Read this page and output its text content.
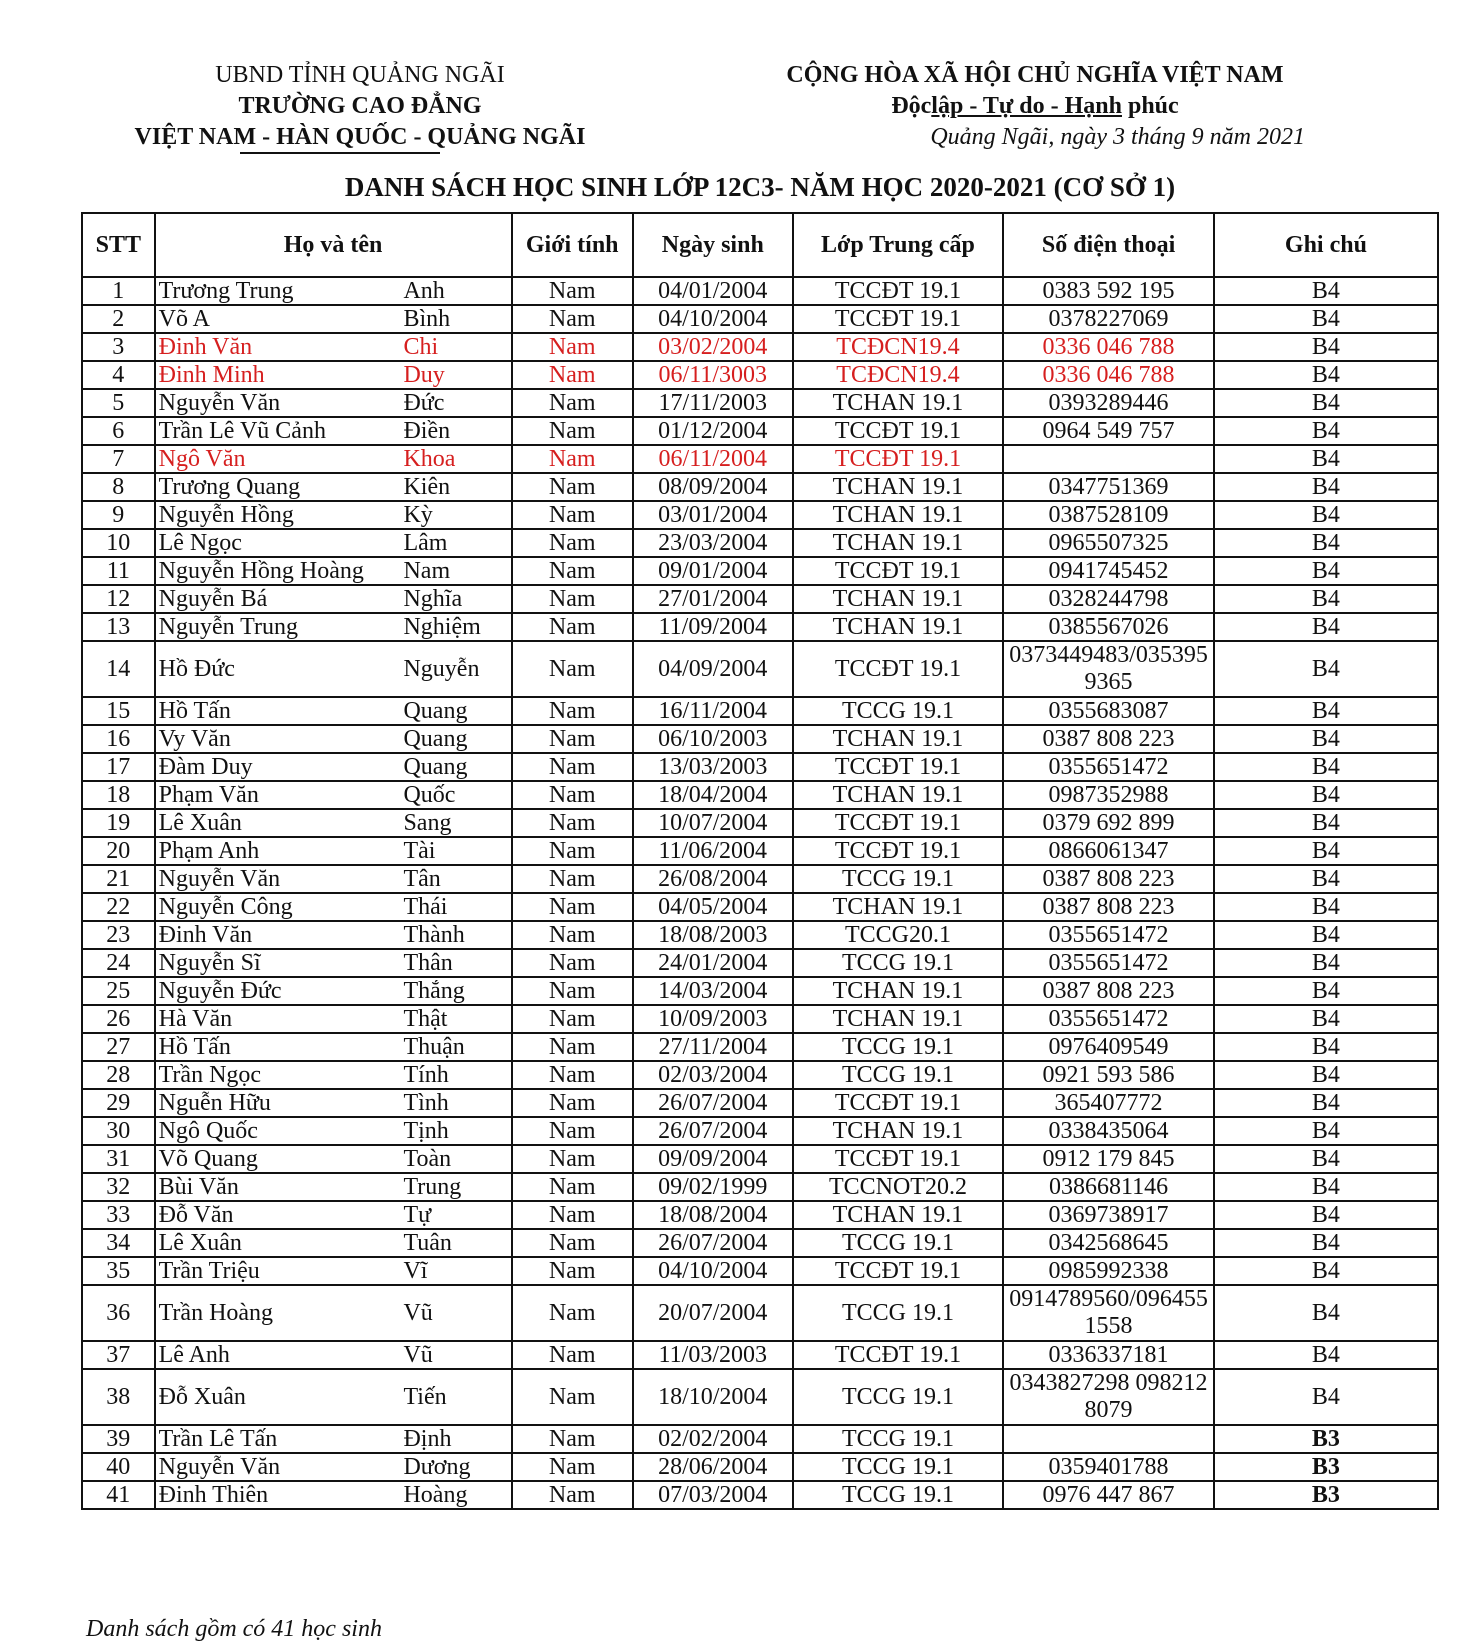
UBND TỈNH QUẢNG NGÃI
TRƯỜNG CAO ĐẲNG
VIỆT NAM - HÀN QUỐC - QUẢNG NGÃI
CỘNG HÒA XÃ HỘI CHỦ NGHĨA VIỆT NAM
Độclập - Tự do - Hạnh phúc
Quảng Ngãi, ngày 3 tháng 9 năm 2021
DANH SÁCH HỌC SINH LỚP 12C3- NĂM HỌC 2020-2021 (CƠ SỞ 1)
STT	Họ và tên		Giới tính	Ngày sinh	Lớp Trung cấp	Số điện thoại	Ghi chú
1	Trương Trung	Anh	Nam	04/01/2004	TCCĐT 19.1	0383 592 195	B4
2	Võ A	Bình	Nam	04/10/2004	TCCĐT 19.1	0378227069	B4
3	Đinh Văn	Chi	Nam	03/02/2004	TCĐCN19.4	0336 046 788	B4
4	Đinh Minh	Duy	Nam	06/11/3003	TCĐCN19.4	0336 046 788	B4
5	Nguyễn Văn	Đức	Nam	17/11/2003	TCHAN 19.1	0393289446	B4
6	Trần Lê Vũ Cảnh	Điền	Nam	01/12/2004	TCCĐT 19.1	0964 549 757	B4
7	Ngô Văn	Khoa	Nam	06/11/2004	TCCĐT 19.1		B4
8	Trương Quang	Kiên	Nam	08/09/2004	TCHAN 19.1	0347751369	B4
9	Nguyễn Hồng	Kỳ	Nam	03/01/2004	TCHAN 19.1	0387528109	B4
10	Lê Ngọc	Lâm	Nam	23/03/2004	TCHAN 19.1	0965507325	B4
11	Nguyễn Hồng Hoàng	Nam	Nam	09/01/2004	TCCĐT 19.1	0941745452	B4
12	Nguyễn Bá	Nghĩa	Nam	27/01/2004	TCHAN 19.1	0328244798	B4
13	Nguyễn Trung	Nghiệm	Nam	11/09/2004	TCHAN 19.1	0385567026	B4
14	Hồ Đức	Nguyễn	Nam	04/09/2004	TCCĐT 19.1	0373449483/0353959365	B4
15	Hồ Tấn	Quang	Nam	16/11/2004	TCCG 19.1	0355683087	B4
16	Vy Văn	Quang	Nam	06/10/2003	TCHAN 19.1	0387 808 223	B4
17	Đàm Duy	Quang	Nam	13/03/2003	TCCĐT 19.1	0355651472	B4
18	Phạm Văn	Quốc	Nam	18/04/2004	TCHAN 19.1	0987352988	B4
19	Lê Xuân	Sang	Nam	10/07/2004	TCCĐT 19.1	0379 692 899	B4
20	Phạm Anh	Tài	Nam	11/06/2004	TCCĐT 19.1	0866061347	B4
21	Nguyễn Văn	Tân	Nam	26/08/2004	TCCG 19.1	0387 808 223	B4
22	Nguyễn Công	Thái	Nam	04/05/2004	TCHAN 19.1	0387 808 223	B4
23	Đinh Văn	Thành	Nam	18/08/2003	TCCG20.1	0355651472	B4
24	Nguyễn Sĩ	Thân	Nam	24/01/2004	TCCG 19.1	0355651472	B4
25	Nguyễn Đức	Thắng	Nam	14/03/2004	TCHAN 19.1	0387 808 223	B4
26	Hà Văn	Thật	Nam	10/09/2003	TCHAN 19.1	0355651472	B4
27	Hồ Tấn	Thuận	Nam	27/11/2004	TCCG 19.1	0976409549	B4
28	Trần Ngọc	Tính	Nam	02/03/2004	TCCG 19.1	0921 593 586	B4
29	Nguễn Hữu	Tình	Nam	26/07/2004	TCCĐT 19.1	365407772	B4
30	Ngô Quốc	Tịnh	Nam	26/07/2004	TCHAN 19.1	0338435064	B4
31	Võ Quang	Toàn	Nam	09/09/2004	TCCĐT 19.1	0912 179 845	B4
32	Bùi Văn	Trung	Nam	09/02/1999	TCCNOT20.2	0386681146	B4
33	Đỗ Văn	Tự	Nam	18/08/2004	TCHAN 19.1	0369738917	B4
34	Lê Xuân	Tuân	Nam	26/07/2004	TCCG 19.1	0342568645	B4
35	Trần Triệu	Vĩ	Nam	04/10/2004	TCCĐT 19.1	0985992338	B4
36	Trần Hoàng	Vũ	Nam	20/07/2004	TCCG 19.1	0914789560/0964551558	B4
37	Lê Anh	Vũ	Nam	11/03/2003	TCCĐT 19.1	0336337181	B4
38	Đỗ Xuân	Tiến	Nam	18/10/2004	TCCG 19.1	0343827298 0982128079	B4
39	Trần Lê Tấn	Định	Nam	02/02/2004	TCCG 19.1		B3
40	Nguyễn Văn	Dương	Nam	28/06/2004	TCCG 19.1	0359401788	B3
41	Đinh Thiên	Hoàng	Nam	07/03/2004	TCCG 19.1	0976 447 867	B3
Danh sách gồm có 41 học sinh
